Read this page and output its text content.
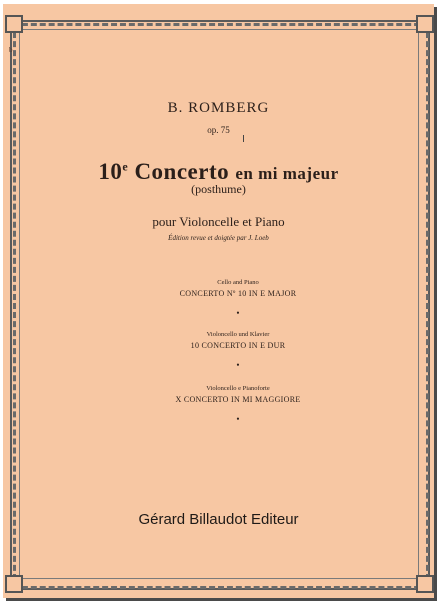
b
B. ROMBERG
op. 75
10e Concerto en mi majeur
(posthume)
pour Violoncelle et Piano
Édition revue et doigtée par J. Loeb
Cello and Piano
CONCERTO Nº 10 IN E MAJOR
•
Violoncello und Klavier
10 CONCERTO IN E DUR
•
Violoncello e Pianoforte
X CONCERTO IN MI MAGGIORE
•
Gérard Billaudot Editeur
